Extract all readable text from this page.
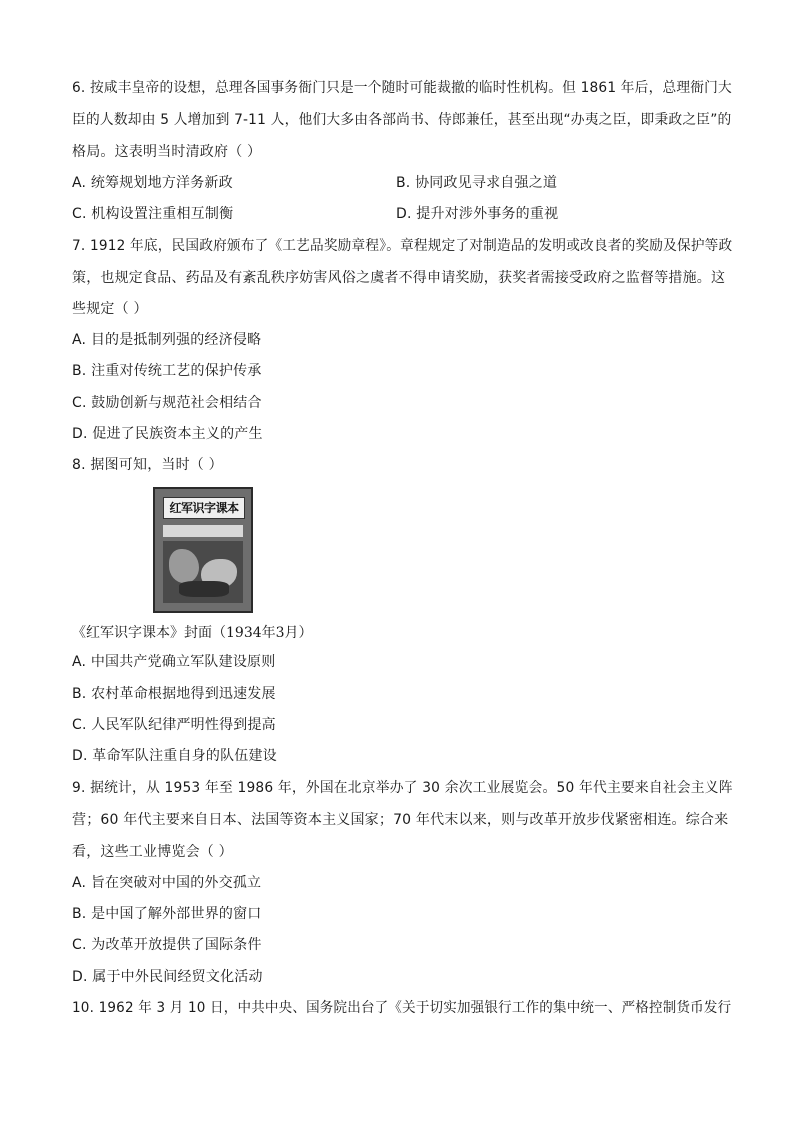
6. 按咸丰皇帝的设想，总理各国事务衙门只是一个随时可能裁撤的临时性机构。但 1861 年后，总理衙门大
臣的人数却由 5 人增加到 7-11 人，他们大多由各部尚书、侍郎兼任，甚至出现“办夷之臣，即秉政之臣”的
格局。这表明当时清政府（ ）
A. 统筹规划地方洋务新政	B. 协同政见寻求自强之道
C. 机构设置注重相互制衡	D. 提升对涉外事务的重视
7. 1912 年底，民国政府颁布了《工艺品奖励章程》。章程规定了对制造品的发明或改良者的奖励及保护等政
策，也规定食品、药品及有紊乱秩序妨害风俗之虞者不得申请奖励，获奖者需接受政府之监督等措施。这
些规定（ ）
A. 目的是抵制列强的经济侵略
B. 注重对传统工艺的保护传承
C. 鼓励创新与规范社会相结合
D. 促进了民族资本主义的产生
8. 据图可知，当时（ ）
红军识字课本
《红军识字课本》封面（1934年3月）
A. 中国共产党确立军队建设原则
B. 农村革命根据地得到迅速发展
C. 人民军队纪律严明性得到提高
D. 革命军队注重自身的队伍建设
9. 据统计，从 1953 年至 1986 年，外国在北京举办了 30 余次工业展览会。50 年代主要来自社会主义阵
营；60 年代主要来自日本、法国等资本主义国家；70 年代末以来，则与改革开放步伐紧密相连。综合来
看，这些工业博览会（ ）
A. 旨在突破对中国的外交孤立
B. 是中国了解外部世界的窗口
C. 为改革开放提供了国际条件
D. 属于中外民间经贸文化活动
10. 1962 年 3 月 10 日，中共中央、国务院出台了《关于切实加强银行工作的集中统一、严格控制货币发行
